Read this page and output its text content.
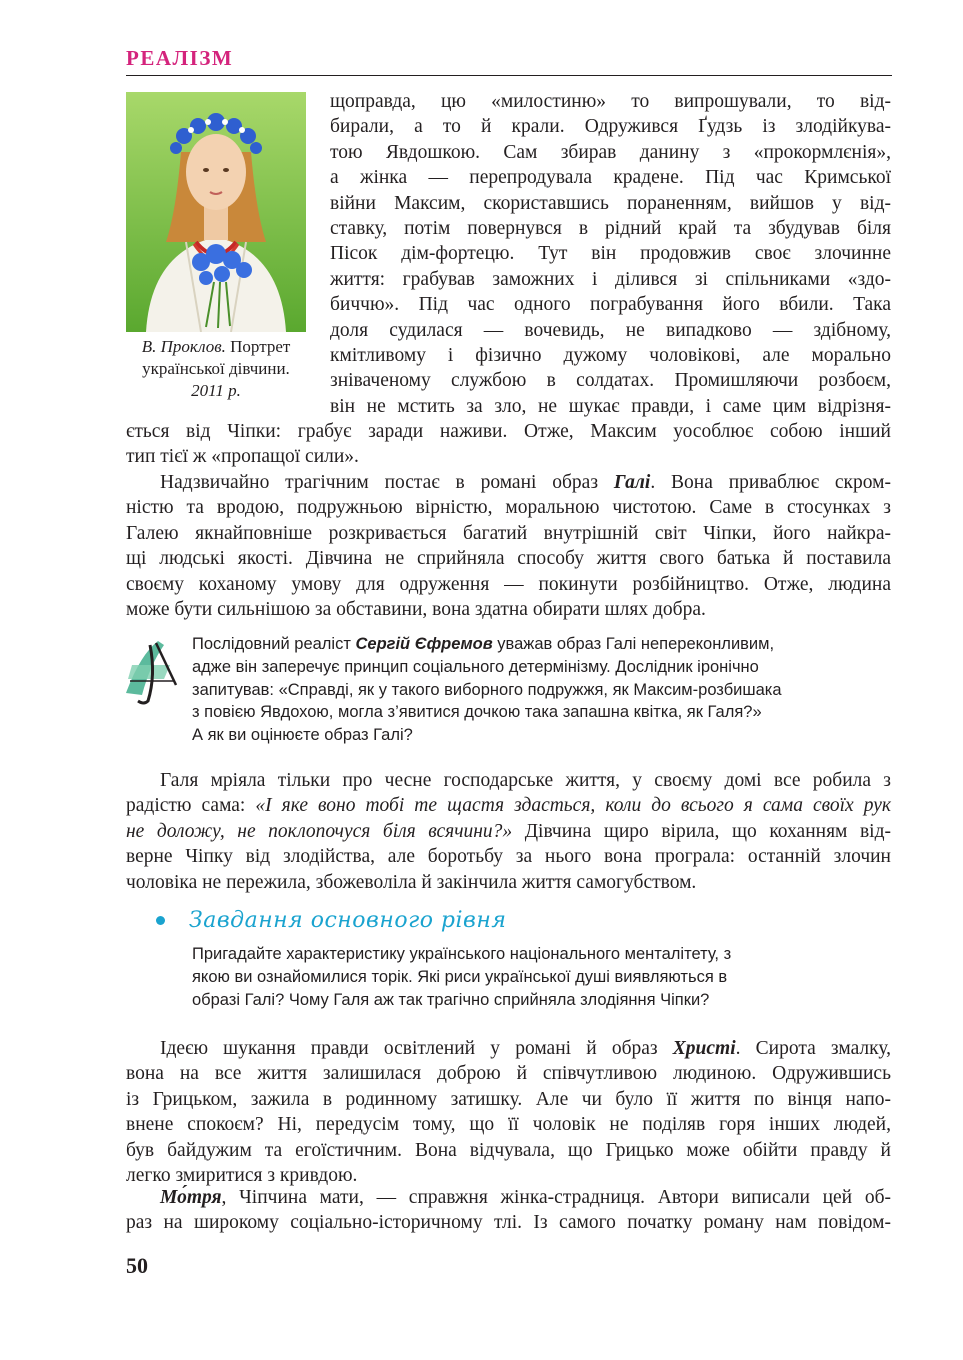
РЕАЛІЗМ
В. Проклов. Портрет української дівчини.
2011 р.
щоправда, цю «милостиню» то випрошували, то від-
бирали, а то й крали. Одружився Ґудзь із злодійкува-
тою Явдошкою. Сам збирав данину з «прокормлєнія»,
а жінка — перепродувала крадене. Під час Кримської
війни Максим, скориставшись пораненням, вийшов у від-
ставку, потім повернувся в рідний край та збудував біля
Пісок дім-фортецю. Тут він продовжив своє злочинне
життя: грабував заможних і ділився зі спільниками «здо-
биччю». Під час одного пограбування його вбили. Така
доля судилася — вочевидь, не випадково — здібному,
кмітливому і фізично дужому чоловікові, але морально
зніваченому службою в солдатах. Промишляючи розбоєм,
він не мстить за зло, не шукає правди, і саме цим відрізня-
ється від Чіпки: грабує заради наживи. Отже, Максим уособлює собою інший
тип тієї ж «пропащої сили».
Надзвичайно трагічним постає в романі образ Галі. Вона приваблює скром-
ністю та вродою, подружньою вірністю, моральною чистотою. Саме в стосунках з
Галею якнайповніше розкривається багатий внутрішній світ Чіпки, його найкра-
щі людські якості. Дівчина не сприйняла способу життя свого батька й поставила
своєму коханому умову для одруження — покинути розбійництво. Отже, людина
може бути сильнішою за обставини, вона здатна обирати шлях добра.
Послідовний реаліст Сергій Єфремов уважав образ Галі непереконливим,
адже він заперечує принцип соціального детермінізму. Дослідник іронічно
запитував: «Справді, як у такого виборного подружжя, як Максим-розбишака
з повією Явдохою, могла з’явитися дочкою така запашна квітка, як Галя?»
А як ви оцінюєте образ Галі?
Галя мріяла тільки про чесне господарське життя, у своєму домі все робила з
радістю сама: «І яке воно тобі те щастя здасться, коли до всього я сама своїх рук
не доложу, не поклопочуся біля всячини?» Дівчина щиро вірила, що коханням від-
верне Чіпку від злодійства, але боротьбу за нього вона програла: останній злочин
чоловіка не пережила, збожеволіла й закінчила життя самогубством.
Завдання основного рівня
Пригадайте характеристику українського національного менталітету, з
якою ви ознайомилися торік. Які риси української душі виявляються в
образі Галі? Чому Галя аж так трагічно сприйняла злодіяння Чіпки?
Ідеєю шукання правди освітлений у романі й образ Христі. Сирота змалку,
вона на все життя залишилася доброю й співчутливою людиною. Одружившись
із Грицьком, зажила в родинному затишку. Але чи було її життя по вінця напо-
внене спокоєм? Ні, передусім тому, що її чоловік не поділяв горя інших людей,
був байдужим та егоїстичним. Вона відчувала, що Грицько може обійти правду й
легко змиритися з кривдою.
Мо́тря, Чіпчина мати, — справжня жінка-страдниця. Автори виписали цей об-
раз на широкому соціально-історичному тлі. Із самого початку роману нам повідом-
50
